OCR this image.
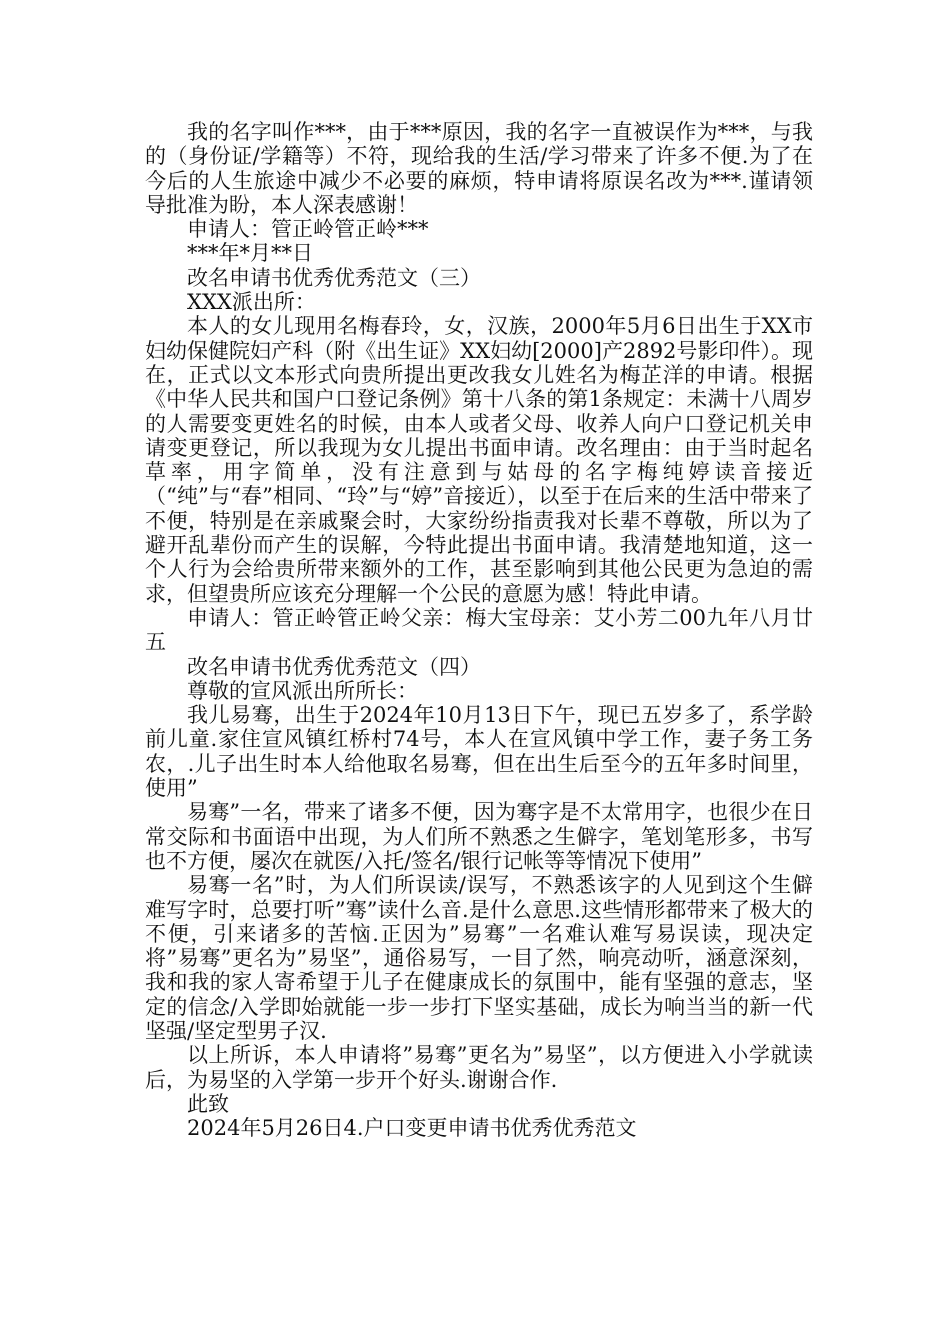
我的名字叫作***，由于***原因，我的名字一直被误作为***，与我的（身份证/学籍等）不符，现给我的生活/学习带来了许多不便.为了在今后的人生旅途中减少不必要的麻烦，特申请将原误名改为***.谨请领导批准为盼，本人深表感谢！

申请人：管正岭管正岭***

***年*月**日

改名申请书优秀优秀范文（三）

XXX派出所：

本人的女儿现用名梅春玲，女，汉族，2000年5月6日出生于XX市妇幼保健院妇产科（附《出生证》XX妇幼[2000]产2892号影印件）。现在，正式以文本形式向贵所提出更改我女儿姓名为梅芷洋的申请。根据《中华人民共和国户口登记条例》第十八条的第1条规定：未满十八周岁的人需要变更姓名的时候，由本人或者父母、收养人向户口登记机关申请变更登记，所以我现为女儿提出书面申请。改名理由：由于当时起名草率，用字简单，没有注意到与姑母的名字梅纯婷读音接近（“纯”与“春”相同、“玲”与“婷”音接近），以至于在后来的生活中带来了不便，特别是在亲戚聚会时，大家纷纷指责我对长辈不尊敬，所以为了避开乱辈份而产生的误解，今特此提出书面申请。我清楚地知道，这一个人行为会给贵所带来额外的工作，甚至影响到其他公民更为急迫的需求，但望贵所应该充分理解一个公民的意愿为感！特此申请。

申请人：管正岭管正岭父亲：梅大宝母亲：艾小芳二00九年八月廿五

改名申请书优秀优秀范文（四）

尊敬的宣风派出所所长：

我儿易骞，出生于2024年10月13日下午，现已五岁多了，系学龄前儿童.家住宣风镇红桥村74号，本人在宣风镇中学工作，妻子务工务农，.儿子出生时本人给他取名易骞，但在出生后至今的五年多时间里，使用”

易骞”一名，带来了诸多不便，因为骞字是不太常用字，也很少在日常交际和书面语中出现，为人们所不熟悉之生僻字，笔划笔形多，书写也不方便，屡次在就医/入托/签名/银行记帐等等情况下使用”

易骞一名”时，为人们所误读/误写，不熟悉该字的人见到这个生僻难写字时，总要打听”骞”读什么音.是什么意思.这些情形都带来了极大的不便，引来诸多的苦恼.正因为”易骞”一名难认难写易误读，现决定将”易骞”更名为”易坚”，通俗易写，一目了然，响亮动听，涵意深刻，我和我的家人寄希望于儿子在健康成长的氛围中，能有坚强的意志，坚定的信念/入学即始就能一步一步打下坚实基础，成长为响当当的新一代坚强/坚定型男子汉.

以上所诉，本人申请将”易骞”更名为”易坚”，以方便进入小学就读后，为易坚的入学第一步开个好头.谢谢合作.

此致

2024年5月26日4.户口变更申请书优秀优秀范文
